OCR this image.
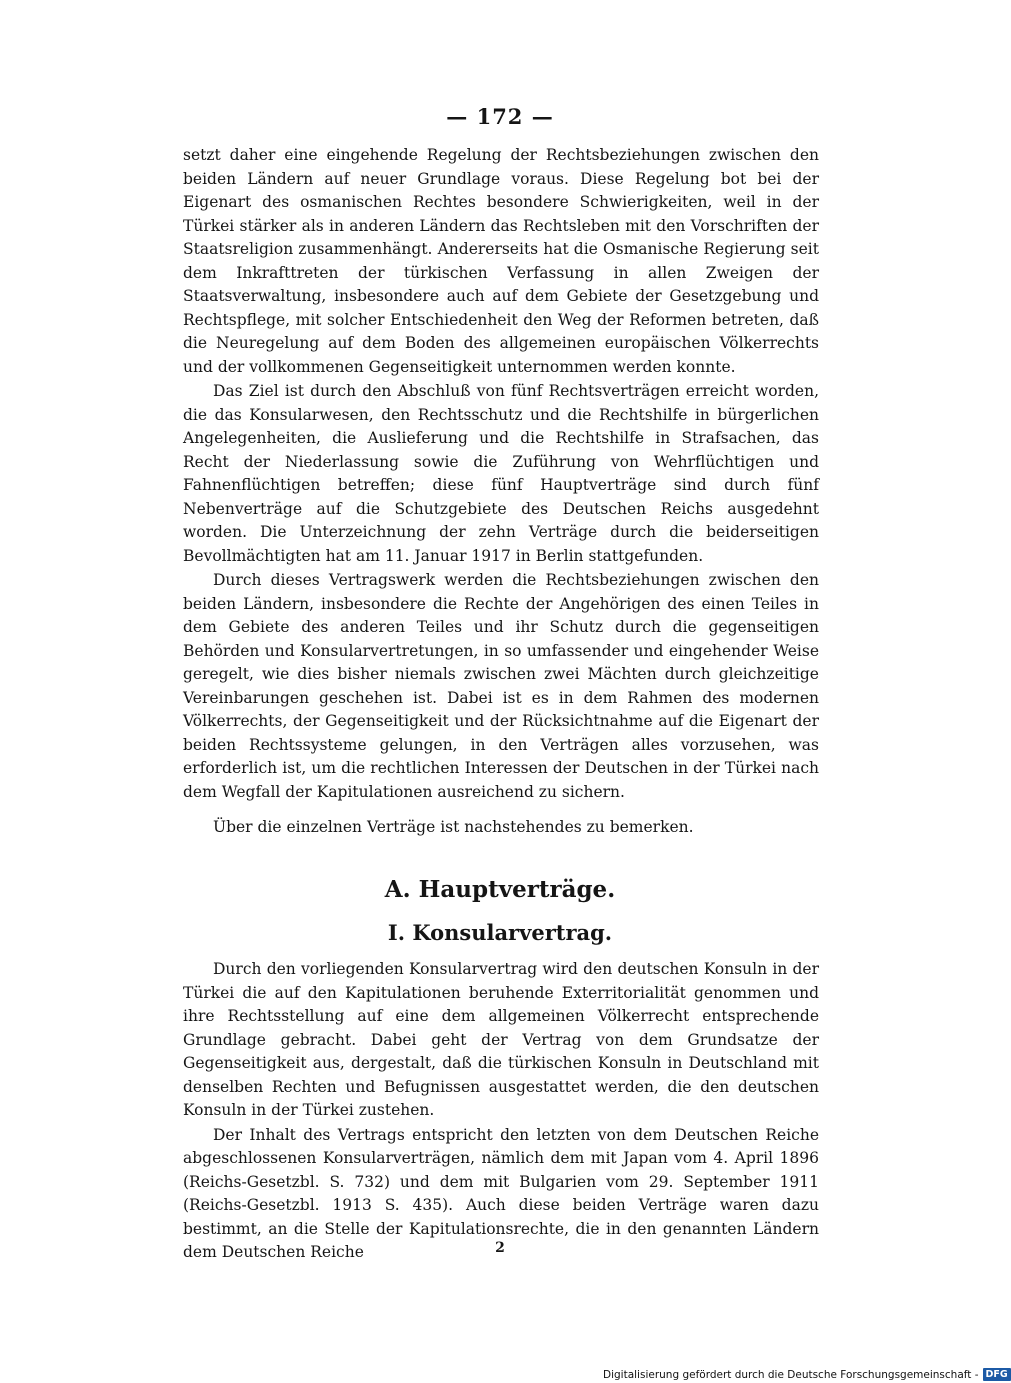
— 172 —

setzt daher eine eingehende Regelung der Rechtsbeziehungen zwischen den beiden Ländern auf neuer Grundlage voraus. Diese Regelung bot bei der Eigenart des osmanischen Rechtes besondere Schwierigkeiten, weil in der Türkei stärker als in anderen Ländern das Rechtsleben mit den Vorschriften der Staatsreligion zusammenhängt. Andererseits hat die Osmanische Regierung seit dem Inkrafttreten der türkischen Verfassung in allen Zweigen der Staatsverwaltung, insbesondere auch auf dem Gebiete der Gesetzgebung und Rechtspflege, mit solcher Entschiedenheit den Weg der Reformen betreten, daß die Neuregelung auf dem Boden des allgemeinen europäischen Völkerrechts und der vollkommenen Gegenseitigkeit unternommen werden konnte.

Das Ziel ist durch den Abschluß von fünf Rechtsverträgen erreicht worden, die das Konsularwesen, den Rechtsschutz und die Rechtshilfe in bürgerlichen Angelegenheiten, die Auslieferung und die Rechtshilfe in Strafsachen, das Recht der Niederlassung sowie die Zuführung von Wehrflüchtigen und Fahnenflüchtigen betreffen; diese fünf Hauptverträge sind durch fünf Nebenverträge auf die Schutzgebiete des Deutschen Reichs ausgedehnt worden. Die Unterzeichnung der zehn Verträge durch die beiderseitigen Bevollmächtigten hat am 11. Januar 1917 in Berlin stattgefunden.

Durch dieses Vertragswerk werden die Rechtsbeziehungen zwischen den beiden Ländern, insbesondere die Rechte der Angehörigen des einen Teiles in dem Gebiete des anderen Teiles und ihr Schutz durch die gegenseitigen Behörden und Konsularvertretungen, in so umfassender und eingehender Weise geregelt, wie dies bisher niemals zwischen zwei Mächten durch gleichzeitige Vereinbarungen geschehen ist. Dabei ist es in dem Rahmen des modernen Völkerrechts, der Gegenseitigkeit und der Rücksichtnahme auf die Eigenart der beiden Rechtssysteme gelungen, in den Verträgen alles vorzusehen, was erforderlich ist, um die rechtlichen Interessen der Deutschen in der Türkei nach dem Wegfall der Kapitulationen ausreichend zu sichern.

Über die einzelnen Verträge ist nachstehendes zu bemerken.

A. Hauptverträge.
I. Konsularvertrag.

Durch den vorliegenden Konsularvertrag wird den deutschen Konsuln in der Türkei die auf den Kapitulationen beruhende Exterritorialität genommen und ihre Rechtsstellung auf eine dem allgemeinen Völkerrecht entsprechende Grundlage gebracht. Dabei geht der Vertrag von dem Grundsatze der Gegenseitigkeit aus, dergestalt, daß die türkischen Konsuln in Deutschland mit denselben Rechten und Befugnissen ausgestattet werden, die den deutschen Konsuln in der Türkei zustehen.

Der Inhalt des Vertrags entspricht den letzten von dem Deutschen Reiche abgeschlossenen Konsularverträgen, nämlich dem mit Japan vom 4. April 1896 (Reichs-Gesetzbl. S. 732) und dem mit Bulgarien vom 29. September 1911 (Reichs-Gesetzbl. 1913 S. 435). Auch diese beiden Verträge waren dazu bestimmt, an die Stelle der Kapitulationsrechte, die in den genannten Ländern dem Deutschen Reiche	2
Digitalisierung gefördert durch die Deutsche Forschungsgemeinschaft - DFG
